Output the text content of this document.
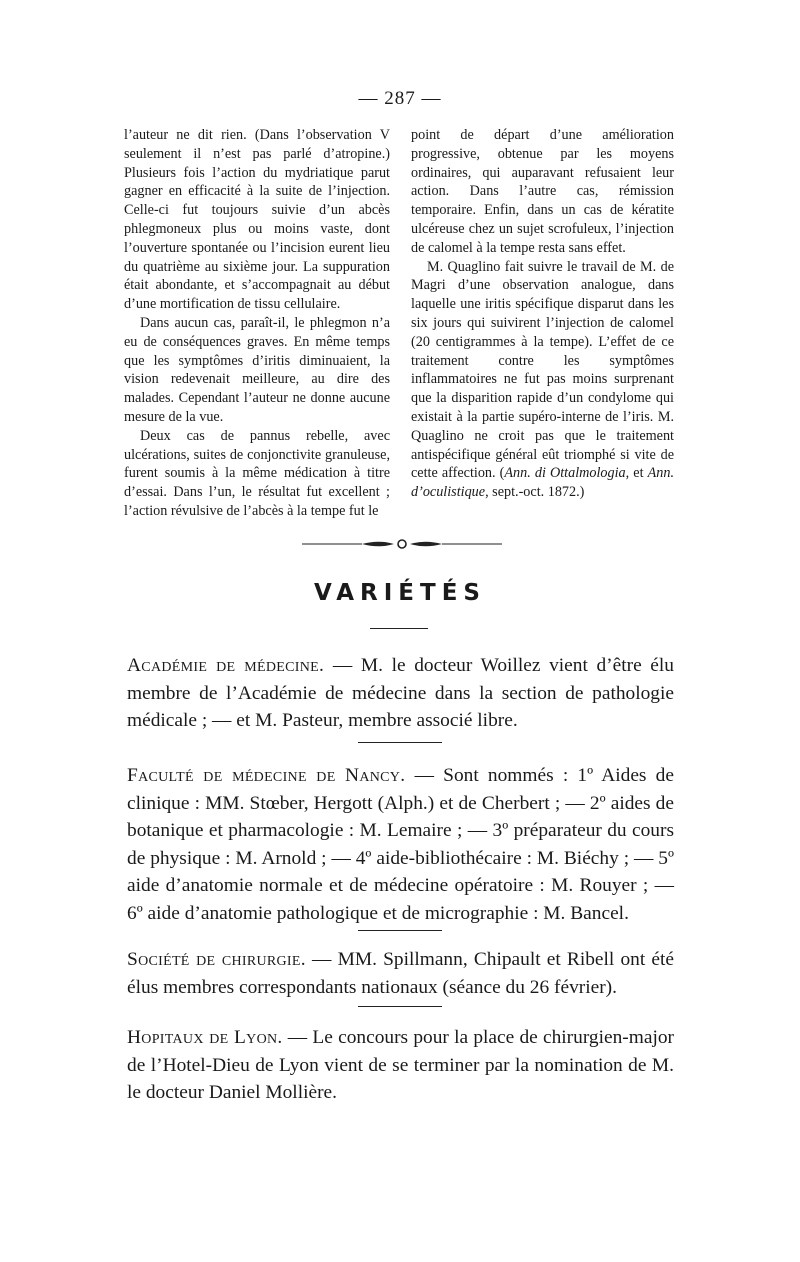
— 287 —

l’auteur ne dit rien. (Dans l’observation V seulement il n’est pas parlé d’atropine.) Plusieurs fois l’action du mydriatique parut gagner en efficacité à la suite de l’injection. Celle-ci fut toujours suivie d’un abcès phlegmoneux plus ou moins vaste, dont l’ouverture spontanée ou l’incision eurent lieu du quatrième au sixième jour. La suppuration était abondante, et s’accompagnait au début d’une mortification de tissu cellulaire.

Dans aucun cas, paraît-il, le phlegmon n’a eu de conséquences graves. En même temps que les symptômes d’iritis diminuaient, la vision redevenait meilleure, au dire des malades. Cependant l’auteur ne donne aucune mesure de la vue.

Deux cas de pannus rebelle, avec ulcérations, suites de conjonctivite granuleuse, furent soumis à la même médication à titre d’essai. Dans l’un, le résultat fut excellent ; l’action révulsive de l’abcès à la tempe fut le

point de départ d’une amélioration progressive, obtenue par les moyens ordinaires, qui auparavant refusaient leur action. Dans l’autre cas, rémission temporaire. Enfin, dans un cas de kératite ulcéreuse chez un sujet scrofuleux, l’injection de calomel à la tempe resta sans effet.

M. Quaglino fait suivre le travail de M. de Magri d’une observation analogue, dans laquelle une iritis spécifique disparut dans les six jours qui suivirent l’injection de calomel (20 centigrammes à la tempe). L’effet de ce traitement contre les symptômes inflammatoires ne fut pas moins surprenant que la disparition rapide d’un condylome qui existait à la partie supéro-interne de l’iris. M. Quaglino ne croit pas que le traitement antispécifique général eût triomphé si vite de cette affection. (Ann. di Ottalmologia, et Ann. d’oculistique, sept.-oct. 1872.)

VARIÉTÉS

Académie de médecine. — M. le docteur Woillez vient d’être élu membre de l’Académie de médecine dans la section de pathologie médicale ; — et M. Pasteur, membre associé libre.

Faculté de médecine de Nancy. — Sont nommés : 1º Aides de clinique : MM. Stœber, Hergott (Alph.) et de Cherbert ; — 2º aides de botanique et pharmacologie : M. Lemaire ; — 3º préparateur du cours de physique : M. Arnold ; — 4º aide-bibliothécaire : M. Biéchy ; — 5º aide d’anatomie normale et de médecine opératoire : M. Rouyer ; — 6º aide d’anatomie pathologique et de micrographie : M. Bancel.

Société de chirurgie. — MM. Spillmann, Chipault et Ribell ont été élus membres correspondants nationaux (séance du 26 février).

Hopitaux de Lyon. — Le concours pour la place de chirurgien-major de l’Hotel-Dieu de Lyon vient de se terminer par la nomination de M. le docteur Daniel Mollière.
